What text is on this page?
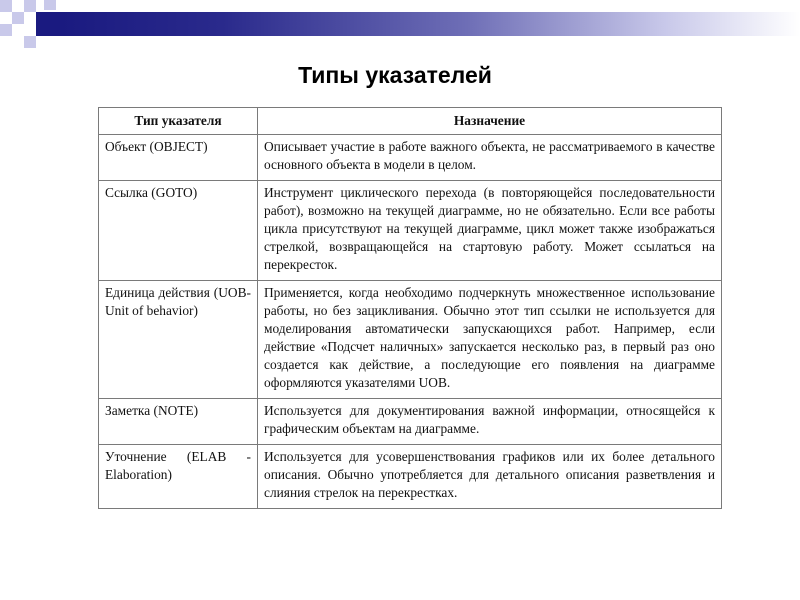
Типы указателей
Тип указателя	Назначение
Объект (OBJECT)	Описывает участие в работе важного объекта, не рассматриваемого в качестве основного объекта в модели в целом.
Ссылка (GOTO)	Инструмент циклического перехода (в повторяющейся последовательности работ), возможно на текущей диаграмме, но не обязательно. Если все работы цикла присутствуют на текущей диаграмме, цикл может также изображаться стрелкой, возвращающейся на стартовую работу. Может ссылаться на перекресток.
Единица действия (UOB-Unit of behavior)	Применяется, когда необходимо подчеркнуть множественное использование работы, но без зацикливания. Обычно этот тип ссылки не используется для моделирования автоматически запускающихся работ. Например, если действие «Подсчет наличных» запускается несколько раз, в первый раз оно создается как действие, а последующие его появления на диаграмме оформляются указателями UOB.
Заметка (NOTE)	Используется для документирования важной информации, относящейся к графическим объектам на диаграмме.
Уточнение (ELAB - Elaboration)	Используется для усовершенствования графиков или их более детального описания. Обычно употребляется для детального описания разветвления и слияния стрелок на перекрестках.
